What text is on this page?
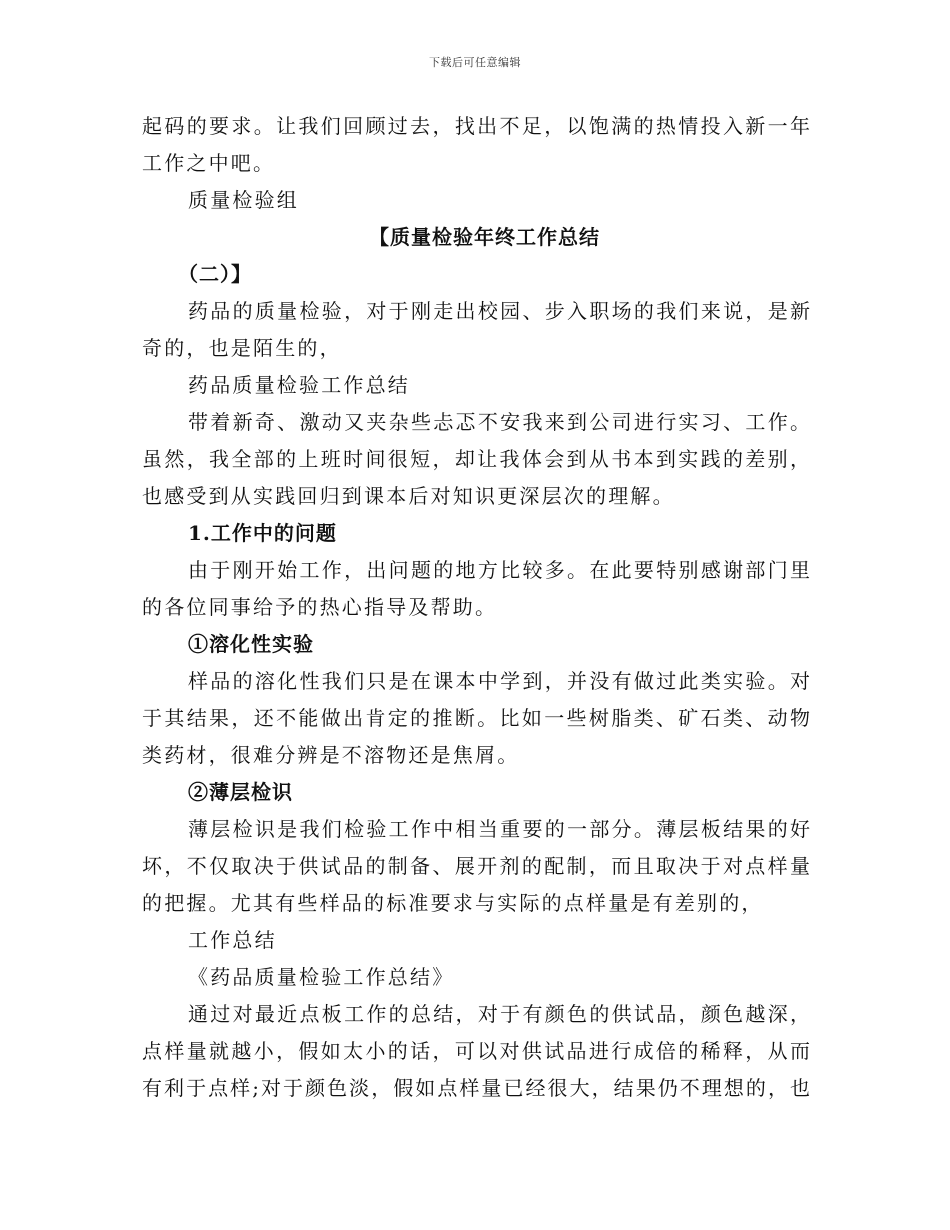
下载后可任意编辑
起码的要求。让我们回顾过去，找出不足，以饱满的热情投入新一年
工作之中吧。
质量检验组
【质量检验年终工作总结
（二）】
药品的质量检验，对于刚走出校园、步入职场的我们来说，是新
奇的，也是陌生的，
药品质量检验工作总结
带着新奇、激动又夹杂些忐忑不安我来到公司进行实习、工作。
虽然，我全部的上班时间很短，却让我体会到从书本到实践的差别，
也感受到从实践回归到课本后对知识更深层次的理解。
1.工作中的问题
由于刚开始工作，出问题的地方比较多。在此要特别感谢部门里
的各位同事给予的热心指导及帮助。
①溶化性实验
样品的溶化性我们只是在课本中学到，并没有做过此类实验。对
于其结果，还不能做出肯定的推断。比如一些树脂类、矿石类、动物
类药材，很难分辨是不溶物还是焦屑。
②薄层检识
薄层检识是我们检验工作中相当重要的一部分。薄层板结果的好
坏，不仅取决于供试品的制备、展开剂的配制，而且取决于对点样量
的把握。尤其有些样品的标准要求与实际的点样量是有差别的，
工作总结
《药品质量检验工作总结》
通过对最近点板工作的总结，对于有颜色的供试品，颜色越深，
点样量就越小，假如太小的话，可以对供试品进行成倍的稀释，从而
有利于点样;对于颜色淡，假如点样量已经很大，结果仍不理想的，也
